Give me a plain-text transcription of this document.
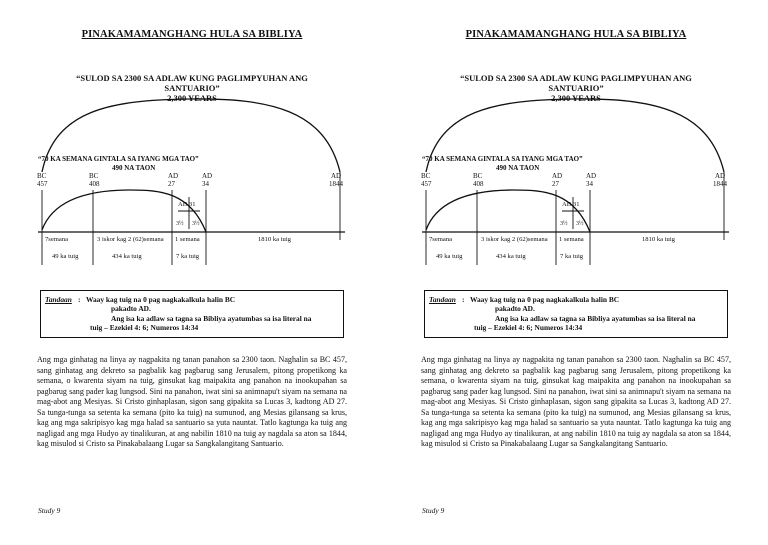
PINAKAMAMANGHANG HULA SA BIBLIYA
“SULOD SA 2300 SA ADLAW KUNG PAGLIMPYUHAN ANG
SANTUARIO”
2,300 YEARS
“70 KA SEMANA GINTALA SA IYANG MGA TAO”
490 NA TAON
BC
457
BC
408
AD
27
AD
34
AD
1844
AD 31
3½ 3½
7semana	3 iskor kag 2 (62)semana 1 semana	1810 ka tuig
49 ka tuig	434 ka tuig	7 ka tuig
Tandaan : Waay kag tuig na 0 pag nagkakalkula halin BC
pakadto AD.
Ang isa ka adlaw sa tagna sa Bibliya ayatumbas sa isa literal na
tuig – Ezekiel 4: 6; Numeros 14:34
Ang mga ginhatag na linya ay nagpakita ng tanan panahon sa 2300 taon. Naghalin sa BC 457, sang ginhatag ang dekreto sa pagbalik kag pagbarug sang Jerusalem, pitong propetikong ka semana, o kwarenta siyam na tuig, ginsukat kag maipakita ang panahon na inookupahan sa pagbarug sang pader kag lungsod. Sini na panahon, iwat sini sa animnapu't siyam na semana na mag-abot ang Mesiyas. Si Cristo ginhaplasan, sigon sang gipakita sa Lucas 3, kadtong AD 27. Sa tunga-tunga sa setenta ka semana (pito ka tuig) na sumunod, ang Mesias gilansang sa krus, kag ang mga sakripisyo kag mga halad sa santuario sa yuta nauntat. Tatlo kagtunga ka tuig ang nagligad ang mga Hudyo ay tinalikuran, at ang nabilin 1810 na tuig ay nagdala sa aton sa 1844, kag misulod si Cristo sa Pinakabalaang Lugar sa Sangkalangitang Santuario.
Study 9
PINAKAMAMANGHANG HULA SA BIBLIYA
“SULOD SA 2300 SA ADLAW KUNG PAGLIMPYUHAN ANG
SANTUARIO”
2,300 YEARS
“70 KA SEMANA GINTALA SA IYANG MGA TAO”
490 NA TAON
BC
457
BC
408
AD
27
AD
34
AD
1844
AD 31
3½ 3½
7semana	3 iskor kag 2 (62)semana 1 semana	1810 ka tuig
49 ka tuig	434 ka tuig	7 ka tuig
Tandaan : Waay kag tuig na 0 pag nagkakalkula halin BC
pakadto AD.
Ang isa ka adlaw sa tagna sa Bibliya ayatumbas sa isa literal na
tuig – Ezekiel 4: 6; Numeros 14:34
Ang mga ginhatag na linya ay nagpakita ng tanan panahon sa 2300 taon. Naghalin sa BC 457, sang ginhatag ang dekreto sa pagbalik kag pagbarug sang Jerusalem, pitong propetikong ka semana, o kwarenta siyam na tuig, ginsukat kag maipakita ang panahon na inookupahan sa pagbarug sang pader kag lungsod. Sini na panahon, iwat sini sa animnapu't siyam na semana na mag-abot ang Mesiyas. Si Cristo ginhaplasan, sigon sang gipakita sa Lucas 3, kadtong AD 27. Sa tunga-tunga sa setenta ka semana (pito ka tuig) na sumunod, ang Mesias gilansang sa krus, kag ang mga sakripisyo kag mga halad sa santuario sa yuta nauntat. Tatlo kagtunga ka tuig ang nagligad ang mga Hudyo ay tinalikuran, at ang nabilin 1810 na tuig ay nagdala sa aton sa 1844, kag misulod si Cristo sa Pinakabalaang Lugar sa Sangkalangitang Santuario.
Study 9
